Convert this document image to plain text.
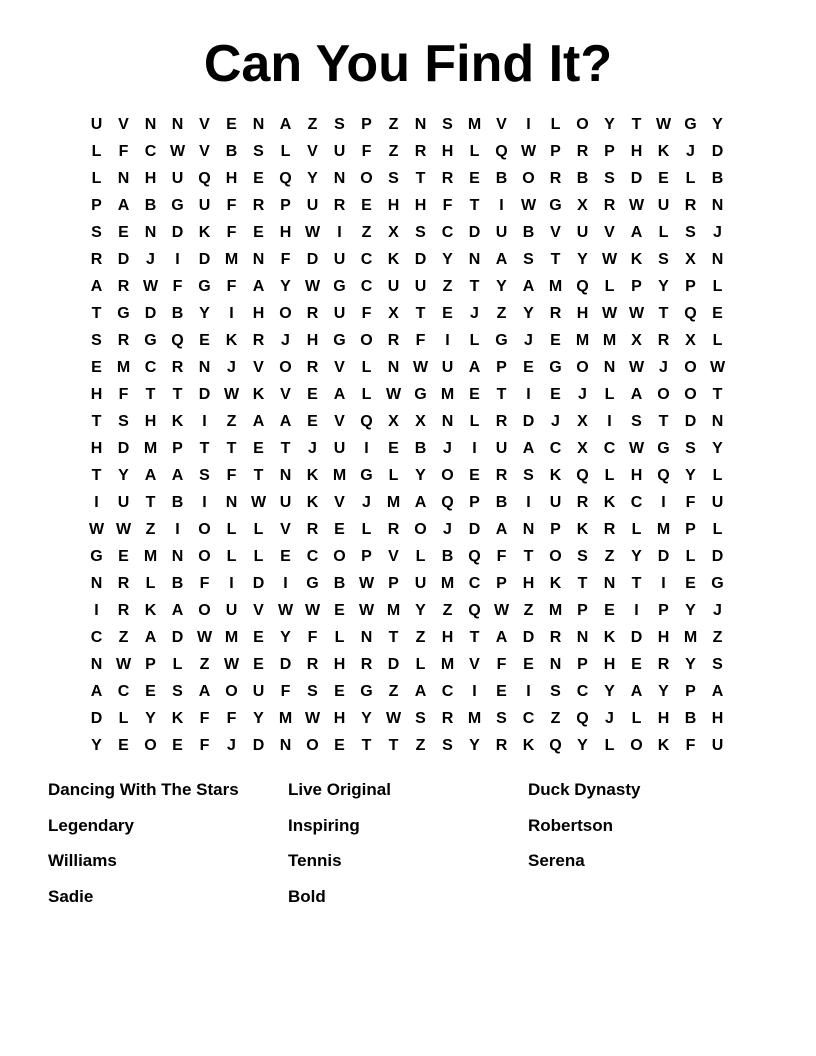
Can You Find It?
U V N N V	E N A	Z	S	P	Z	N S M V	I	L O Y	T W G Y
L	F	C W V B S	L	V U	F	Z	R H	L Q W P R P H K	J	D
L	N H U Q H E Q Y N O S	T	R E B O R B S D E	L	B
P A B G U	F	R P U R E H H	F	T	I	W G X R W U R N
S	E N D K	F	E H W	I	Z	X	S C D U B V U V A	L	S	J
R D	J	I	D M N	F	D U C K D Y N A S	T	Y W K S	X N
A R W F G F	A Y W G C U U	Z	T	Y A M Q L	P	Y	P	L
T G D B Y	I	H O R U	F	X	T	E	J	Z	Y R H W W T Q E
S R G Q E K R	J	H G O R	F	I	L G	J	E M M X R X	L
E M C R N	J	V O R V	L	N W U A P	E G O N W J	O W
H	F	T	T	D W K V	E A	L W G M E	T	I	E	J	L	A O O T
T	S H K	I	Z	A A E	V Q X	X N	L	R D	J	X	I	S	T	D N
H D M P	T	T	E	T	J	U	I	E B	J	I	U A C X C W G S	Y
T	Y A A S	F	T	N K M G L	Y O E R S K Q L	H Q Y	L
I	U	T	B	I	N W U K V	J M A Q P B	I	U R K C	I	F	U
W W Z	I	O L	L	V R E	L	R O	J	D A N P K R	L M P	L
G E M N O L	L	E C O P	V	L	B Q F	T O S	Z	Y D	L	D
N R	L	B	F	I	D	I	G B W P U M C P H K	T	N	T	I	E G
I	R K A O U V W W E W M Y	Z Q W Z M P	E	I	P	Y	J
C	Z	A D W M E	Y	F	L	N	T	Z	H	T	A D R N K D H M Z
N W P	L	Z W E D R H R D	L M V	F	E N P H E R Y	S
A C E	S A O U	F	S	E G Z	A C	I	E	I	S C Y A Y	P A
D	L	Y K	F	F	Y M W H Y W S R M S C	Z Q	J	L	H B H
Y	E O E	F	J	D N O E	T	T	Z	S	Y R K Q Y	L O K	F	U
Dancing With The Stars	Live Original	Duck Dynasty
Legendary	Inspiring	Robertson
Williams	Tennis	Serena
Sadie	Bold
